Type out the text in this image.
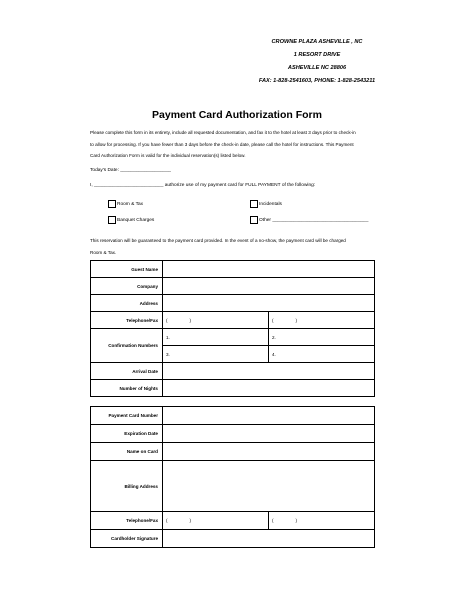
CROWNE PLAZA ASHEVILLE , NC
1 RESORT DRIVE
ASHEVILLE NC 28806
FAX: 1-828-2541603, PHONE: 1-828-2543211
Payment Card Authorization Form
Please complete this form in its entirety, include all requested documentation, and fax it to the hotel at least 3 days prior to check-in
to allow for processing. If you have fewer than 3 days before the check-in date, please call the hotel for instructions. This Payment
Card Authorization Form is valid for the individual reservation(s) listed below.
Today's Date: ___________________
I, __________________________ authorize use of my payment card for FULL PAYMENT of the following:
Room & Tax	Incidentals
Banquet Charges	Other ____________________________________
This reservation will be guaranteed to the payment card provided. In the event of a no-show, the payment card will be charged
Room & Tax.
Guest Name		
Company		
Address		
Telephone/Fax	( )	( )
Confirmation Numbers	1.	2.
	3.	4.
Arrival Date		
Number of Nights		
Payment Card Number		
Expiration Date		
Name on Card		
Billing Address		
Telephone/Fax	( )	( )
Cardholder Signature		
